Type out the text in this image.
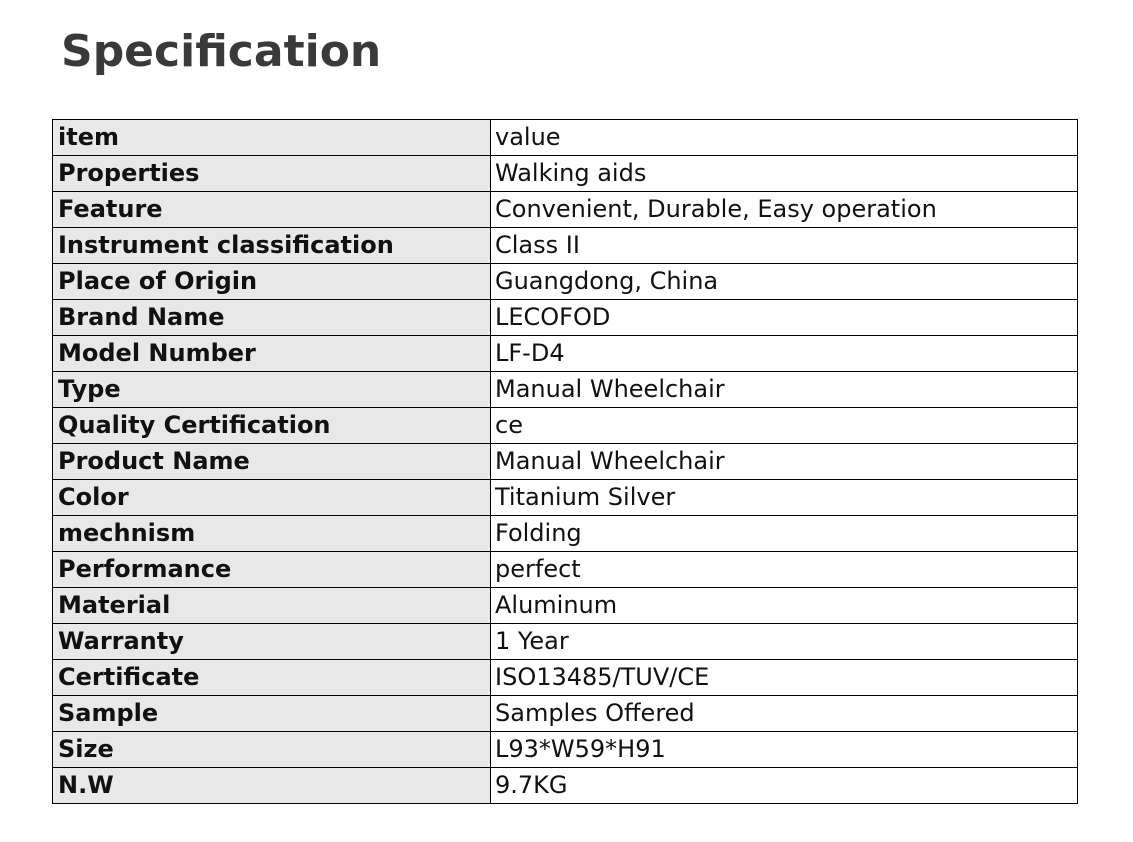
Specification
item	value
Properties	Walking aids
Feature	Convenient, Durable, Easy operation
Instrument classification	Class II
Place of Origin	Guangdong, China
Brand Name	LECOFOD
Model Number	LF-D4
Type	Manual Wheelchair
Quality Certification	ce
Product Name	Manual Wheelchair
Color	Titanium Silver
mechnism	Folding
Performance	perfect
Material	Aluminum
Warranty	1 Year
Certificate	ISO13485/TUV/CE
Sample	Samples Offered
Size	L93*W59*H91
N.W	9.7KG
